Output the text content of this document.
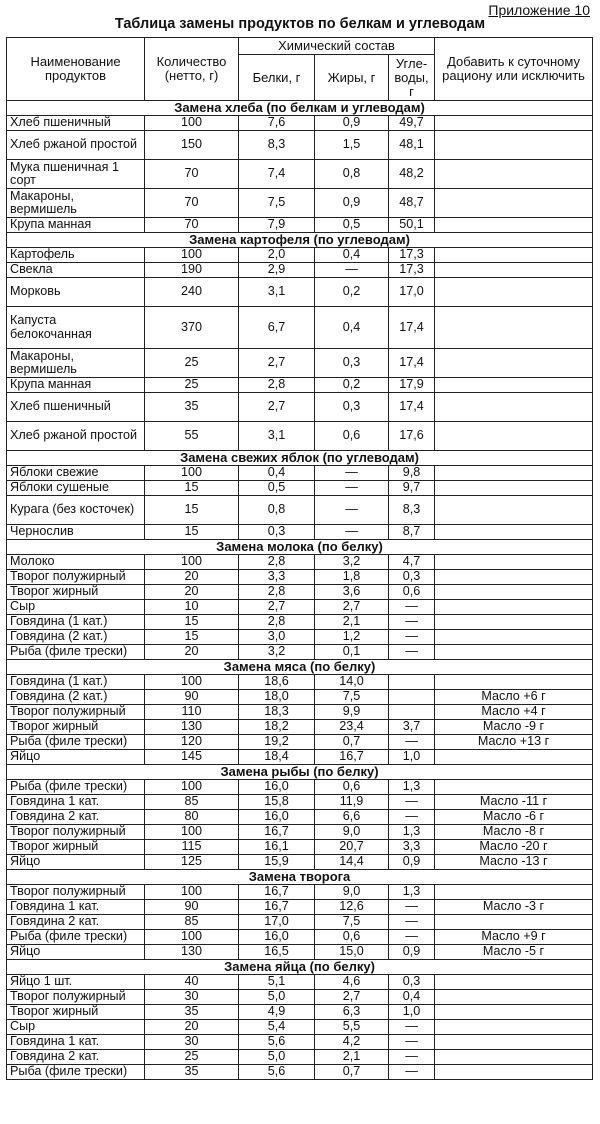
Приложение 10
Таблица замены продуктов по белкам и углеводам
Наименование продуктов	Количество (нетто, г)	Химический состав			Добавить к суточному рациону или исключить
		Белки, г	Жиры, г	Угле- воды, г	
Замена хлеба (по белкам и углеводам)					
Хлеб пшеничный	100	7,6	0,9	49,7	
Хлеб ржаной простой	150	8,3	1,5	48,1	
Мука пшеничная 1 сорт	70	7,4	0,8	48,2	
Макароны, вермишель	70	7,5	0,9	48,7	
Крупа манная	70	7,9	0,5	50,1	
Замена картофеля (по углеводам)					
Картофель	100	2,0	0,4	17,3	
Свекла	190	2,9	—	17,3	
Морковь	240	3,1	0,2	17,0	
Капуста белокочанная	370	6,7	0,4	17,4	
Макароны, вермишель	25	2,7	0,3	17,4	
Крупа манная	25	2,8	0,2	17,9	
Хлеб пшеничный	35	2,7	0,3	17,4	
Хлеб ржаной простой	55	3,1	0,6	17,6	
Замена свежих яблок (по углеводам)					
Яблоки свежие	100	0,4	—	9,8	
Яблоки сушеные	15	0,5	—	9,7	
Курага (без косточек)	15	0,8	—	8,3	
Чернослив	15	0,3	—	8,7	
Замена молока (по белку)					
Молоко	100	2,8	3,2	4,7	
Творог полужирный	20	3,3	1,8	0,3	
Творог жирный	20	2,8	3,6	0,6	
Сыр	10	2,7	2,7	—	
Говядина (1 кат.)	15	2,8	2,1	—	
Говядина (2 кат.)	15	3,0	1,2	—	
Рыба (филе трески)	20	3,2	0,1	—	
Замена мяса (по белку)					
Говядина (1 кат.)	100	18,6	14,0		
Говядина (2 кат.)	90	18,0	7,5		Масло +6 г
Творог полужирный	110	18,3	9,9		Масло +4 г
Творог жирный	130	18,2	23,4	3,7	Масло -9 г
Рыба (филе трески)	120	19,2	0,7	—	Масло +13 г
Яйцо	145	18,4	16,7	1,0	
Замена рыбы (по белку)					
Рыба (филе трески)	100	16,0	0,6	1,3	
Говядина 1 кат.	85	15,8	11,9	—	Масло -11 г
Говядина 2 кат.	80	16,0	6,6	—	Масло -6 г
Творог полужирный	100	16,7	9,0	1,3	Масло -8 г
Творог жирный	115	16,1	20,7	3,3	Масло -20 г
Яйцо	125	15,9	14,4	0,9	Масло -13 г
Замена творога					
Творог полужирный	100	16,7	9,0	1,3	
Говядина 1 кат.	90	16,7	12,6	—	Масло -3 г
Говядина 2 кат.	85	17,0	7,5	—	
Рыба (филе трески)	100	16,0	0,6	—	Масло +9 г
Яйцо	130	16,5	15,0	0,9	Масло -5 г
Замена яйца (по белку)					
Яйцо 1 шт.	40	5,1	4,6	0,3	
Творог полужирный	30	5,0	2,7	0,4	
Творог жирный	35	4,9	6,3	1,0	
Сыр	20	5,4	5,5	—	
Говядина 1 кат.	30	5,6	4,2	—	
Говядина 2 кат.	25	5,0	2,1	—	
Рыба (филе трески)	35	5,6	0,7	—	
